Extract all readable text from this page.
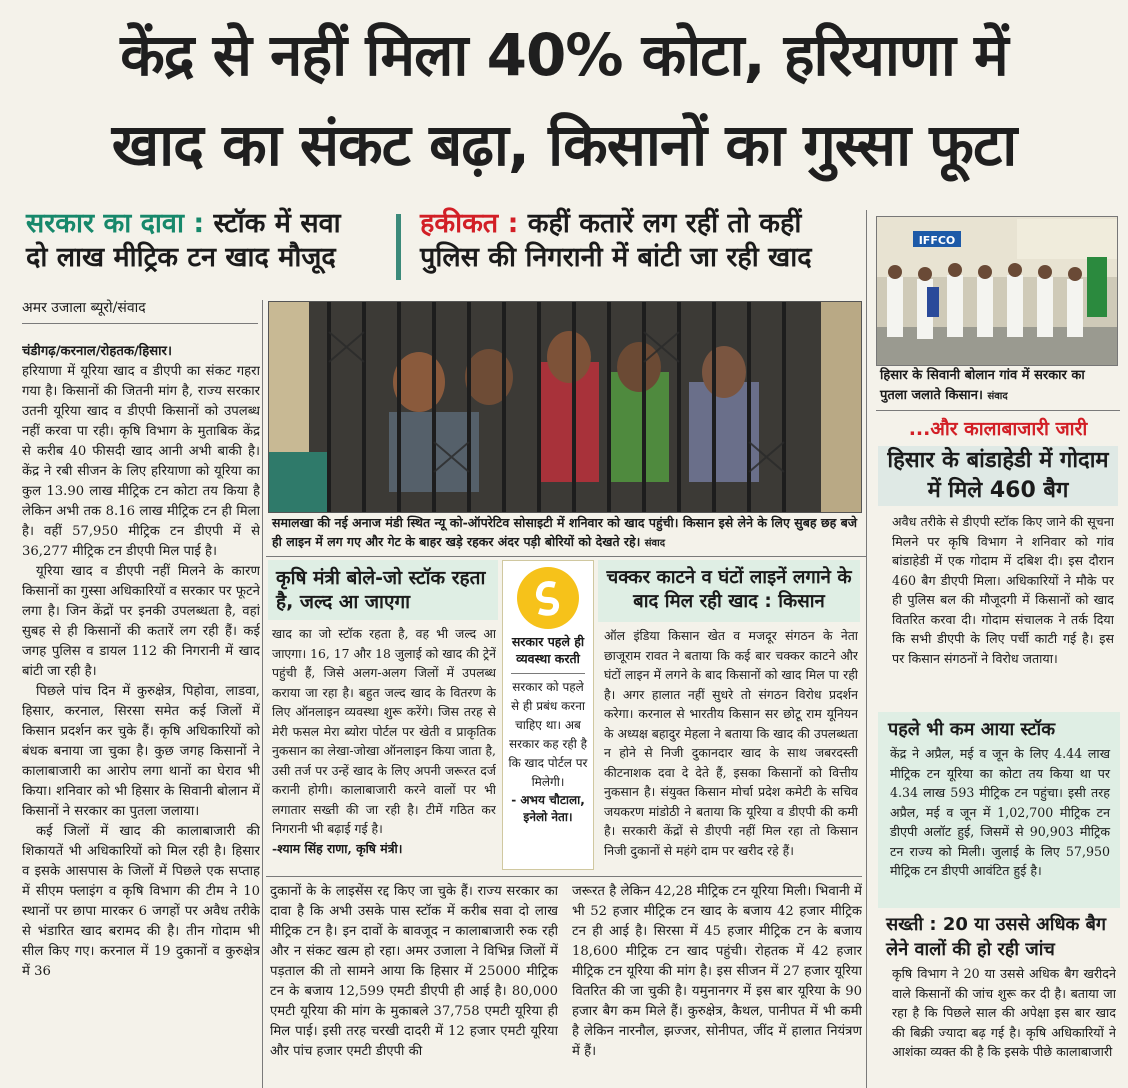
केंद्र से नहीं मिला 40% कोटा, हरियाणा में
खाद का संकट बढ़ा, किसानों का गुस्सा फूटा
सरकार का दावा : स्टॉक में सवा
दो लाख मीट्रिक टन खाद मौजूद
हकीकत : कहीं कतारें लग रहीं तो कहीं
पुलिस की निगरानी में बांटी जा रही खाद
अमर उजाला ब्यूरो/संवाद

चंडीगढ़/करनाल/रोहतक/हिसार।

हरियाणा में यूरिया खाद व डीएपी का संकट गहरा गया है। किसानों की जितनी मांग है, राज्य सरकार उतनी यूरिया खाद व डीएपी किसानों को उपलब्ध नहीं करवा पा रही। कृषि विभाग के मुताबिक केंद्र से करीब 40 फीसदी खाद आनी अभी बाकी है। केंद्र ने रबी सीजन के लिए हरियाणा को यूरिया का कुल 13.90 लाख मीट्रिक टन कोटा तय किया है लेकिन अभी तक 8.16 लाख मीट्रिक टन ही मिला है। वहीं 57,950 मीट्रिक टन डीएपी में से 36,277 मीट्रिक टन डीएपी मिल पाई है।

यूरिया खाद व डीएपी नहीं मिलने के कारण किसानों का गुस्सा अधिकारियों व सरकार पर फूटने लगा है। जिन केंद्रों पर इनकी उपलब्धता है, वहां सुबह से ही किसानों की कतारें लग रही हैं। कई जगह पुलिस व डायल 112 की निगरानी में खाद बांटी जा रही है।

पिछले पांच दिन में कुरुक्षेत्र, पिहोवा, लाडवा, हिसार, करनाल, सिरसा समेत कई जिलों में किसान प्रदर्शन कर चुके हैं। कृषि अधिकारियों को बंधक बनाया जा चुका है। कुछ जगह किसानों ने कालाबाजारी का आरोप लगा थानों का घेराव भी किया। शनिवार को भी हिसार के सिवानी बोलान में किसानों ने सरकार का पुतला जलाया।

कई जिलों में खाद की कालाबाजारी की शिकायतें भी अधिकारियों को मिल रही है। हिसार व इसके आसपास के जिलों में पिछले एक सप्ताह में सीएम फ्लाइंग व कृषि विभाग की टीम ने 10 स्थानों पर छापा मारकर 6 जगहों पर अवैध तरीके से भंडारित खाद बरामद की है। तीन गोदाम भी सील किए गए। करनाल में 19 दुकानों व कुरुक्षेत्र में 36

समालखा की नई अनाज मंडी स्थित न्यू को-ऑपरेटिव सोसाइटी में शनिवार को खाद पहुंची। किसान इसे लेने के लिए सुबह छह बजे ही लाइन में लग गए और गेट के बाहर खड़े रहकर अंदर पड़ी बोरियों को देखते रहे। संवाद
कृषि मंत्री बोले-जो स्टॉक रहता है, जल्द आ जाएगा

खाद का जो स्टॉक रहता है, वह भी जल्द आ जाएगा। 16, 17 और 18 जुलाई को खाद की ट्रेनें पहुंची हैं, जिसे अलग-अलग जिलों में उपलब्ध कराया जा रहा है। बहुत जल्द खाद के वितरण के लिए ऑनलाइन व्यवस्था शुरू करेंगे। जिस तरह से मेरी फसल मेरा ब्योरा पोर्टल पर खेती व प्राकृतिक नुकसान का लेखा-जोखा ऑनलाइन किया जाता है, उसी तर्ज पर उन्हें खाद के लिए अपनी जरूरत दर्ज करानी होगी। कालाबाजारी करने वालों पर भी लगातार सख्ती की जा रही है। टीमें गठित कर निगरानी भी बढ़ाई गई है।

-श्याम सिंह राणा, कृषि मंत्री।

सरकार पहले ही व्यवस्था करती
सरकार को पहले से ही प्रबंध करना चाहिए था। अब सरकार कह रही है कि खाद पोर्टल पर मिलेगी।
- अभय चौटाला, इनेलो नेता।
चक्कर काटने व घंटों लाइनें लगाने के बाद मिल रही खाद : किसान

ऑल इंडिया किसान खेत व मजदूर संगठन के नेता छाजूराम रावत ने बताया कि कई बार चक्कर काटने और घंटों लाइन में लगने के बाद किसानों को खाद मिल पा रही है। अगर हालात नहीं सुधरे तो संगठन विरोध प्रदर्शन करेगा। करनाल से भारतीय किसान सर छोटू राम यूनियन के अध्यक्ष बहादुर मेहला ने बताया कि खाद की उपलब्धता न होने से निजी दुकानदार खाद के साथ जबरदस्ती कीटनाशक दवा दे देते हैं, इसका किसानों को वित्तीय नुकसान है। संयुक्त किसान मोर्चा प्रदेश कमेटी के सचिव जयकरण मांडोठी ने बताया कि यूरिया व डीएपी की कमी है। सरकारी केंद्रों से डीएपी नहीं मिल रहा तो किसान निजी दुकानों से महंगे दाम पर खरीद रहे हैं।

दुकानों के के लाइसेंस रद्द किए जा चुके हैं। राज्य सरकार का दावा है कि अभी उसके पास स्टॉक में करीब सवा दो लाख मीट्रिक टन है। इन दावों के बावजूद न कालाबाजारी रुक रही और न संकट खत्म हो रहा। अमर उजाला ने विभिन्न जिलों में पड़ताल की तो सामने आया कि हिसार में 25000 मीट्रिक टन के बजाय 12,599 एमटी डीएपी ही आई है। 80,000 एमटी यूरिया की मांग के मुकाबले 37,758 एमटी यूरिया ही मिल पाई। इसी तरह चरखी दादरी में 12 हजार एमटी यूरिया और पांच हजार एमटी डीएपी की

जरूरत है लेकिन 42,28 मीट्रिक टन यूरिया मिली। भिवानी में भी 52 हजार मीट्रिक टन खाद के बजाय 42 हजार मीट्रिक टन ही आई है। सिरसा में 45 हजार मीट्रिक टन के बजाय 18,600 मीट्रिक टन खाद पहुंची। रोहतक में 42 हजार मीट्रिक टन यूरिया की मांग है। इस सीजन में 27 हजार यूरिया वितरित की जा चुकी है। यमुनानगर में इस बार यूरिया के 90 हजार बैग कम मिले हैं। कुरुक्षेत्र, कैथल, पानीपत में भी कमी है लेकिन नारनौल, झज्जर, सोनीपत, जींद में हालात नियंत्रण में हैं।

IFFCO
हिसार के सिवानी बोलान गांव में सरकार का पुतला जलाते किसान। संवाद
...और कालाबाजारी जारी
हिसार के बांडाहेडी में गोदाम में मिले 460 बैग

अवैध तरीके से डीएपी स्टॉक किए जाने की सूचना मिलने पर कृषि विभाग ने शनिवार को गांव बांडाहेडी में एक गोदाम में दबिश दी। इस दौरान 460 बैग डीएपी मिला। अधिकारियों ने मौके पर ही पुलिस बल की मौजूदगी में किसानों को खाद वितरित करवा दी। गोदाम संचालक ने तर्क दिया कि सभी डीएपी के लिए पर्ची काटी गई है। इस पर किसान संगठनों ने विरोध जताया।

पहले भी कम आया स्टॉक
केंद्र ने अप्रैल, मई व जून के लिए 4.44 लाख मीट्रिक टन यूरिया का कोटा तय किया था पर 4.34 लाख 593 मीट्रिक टन पहुंचा। इसी तरह अप्रैल, मई व जून में 1,02,700 मीट्रिक टन डीएपी अलॉट हुई, जिसमें से 90,903 मीट्रिक टन राज्य को मिली। जुलाई के लिए 57,950 मीट्रिक टन डीएपी आवंटित हुई है।
सख्ती : 20 या उससे अधिक बैग लेने वालों की हो रही जांच

कृषि विभाग ने 20 या उससे अधिक बैग खरीदने वाले किसानों की जांच शुरू कर दी है। बताया जा रहा है कि पिछले साल की अपेक्षा इस बार खाद की बिक्री ज्यादा बढ़ गई है। कृषि अधिकारियों ने आशंका व्यक्त की है कि इसके पीछे कालाबाजारी
